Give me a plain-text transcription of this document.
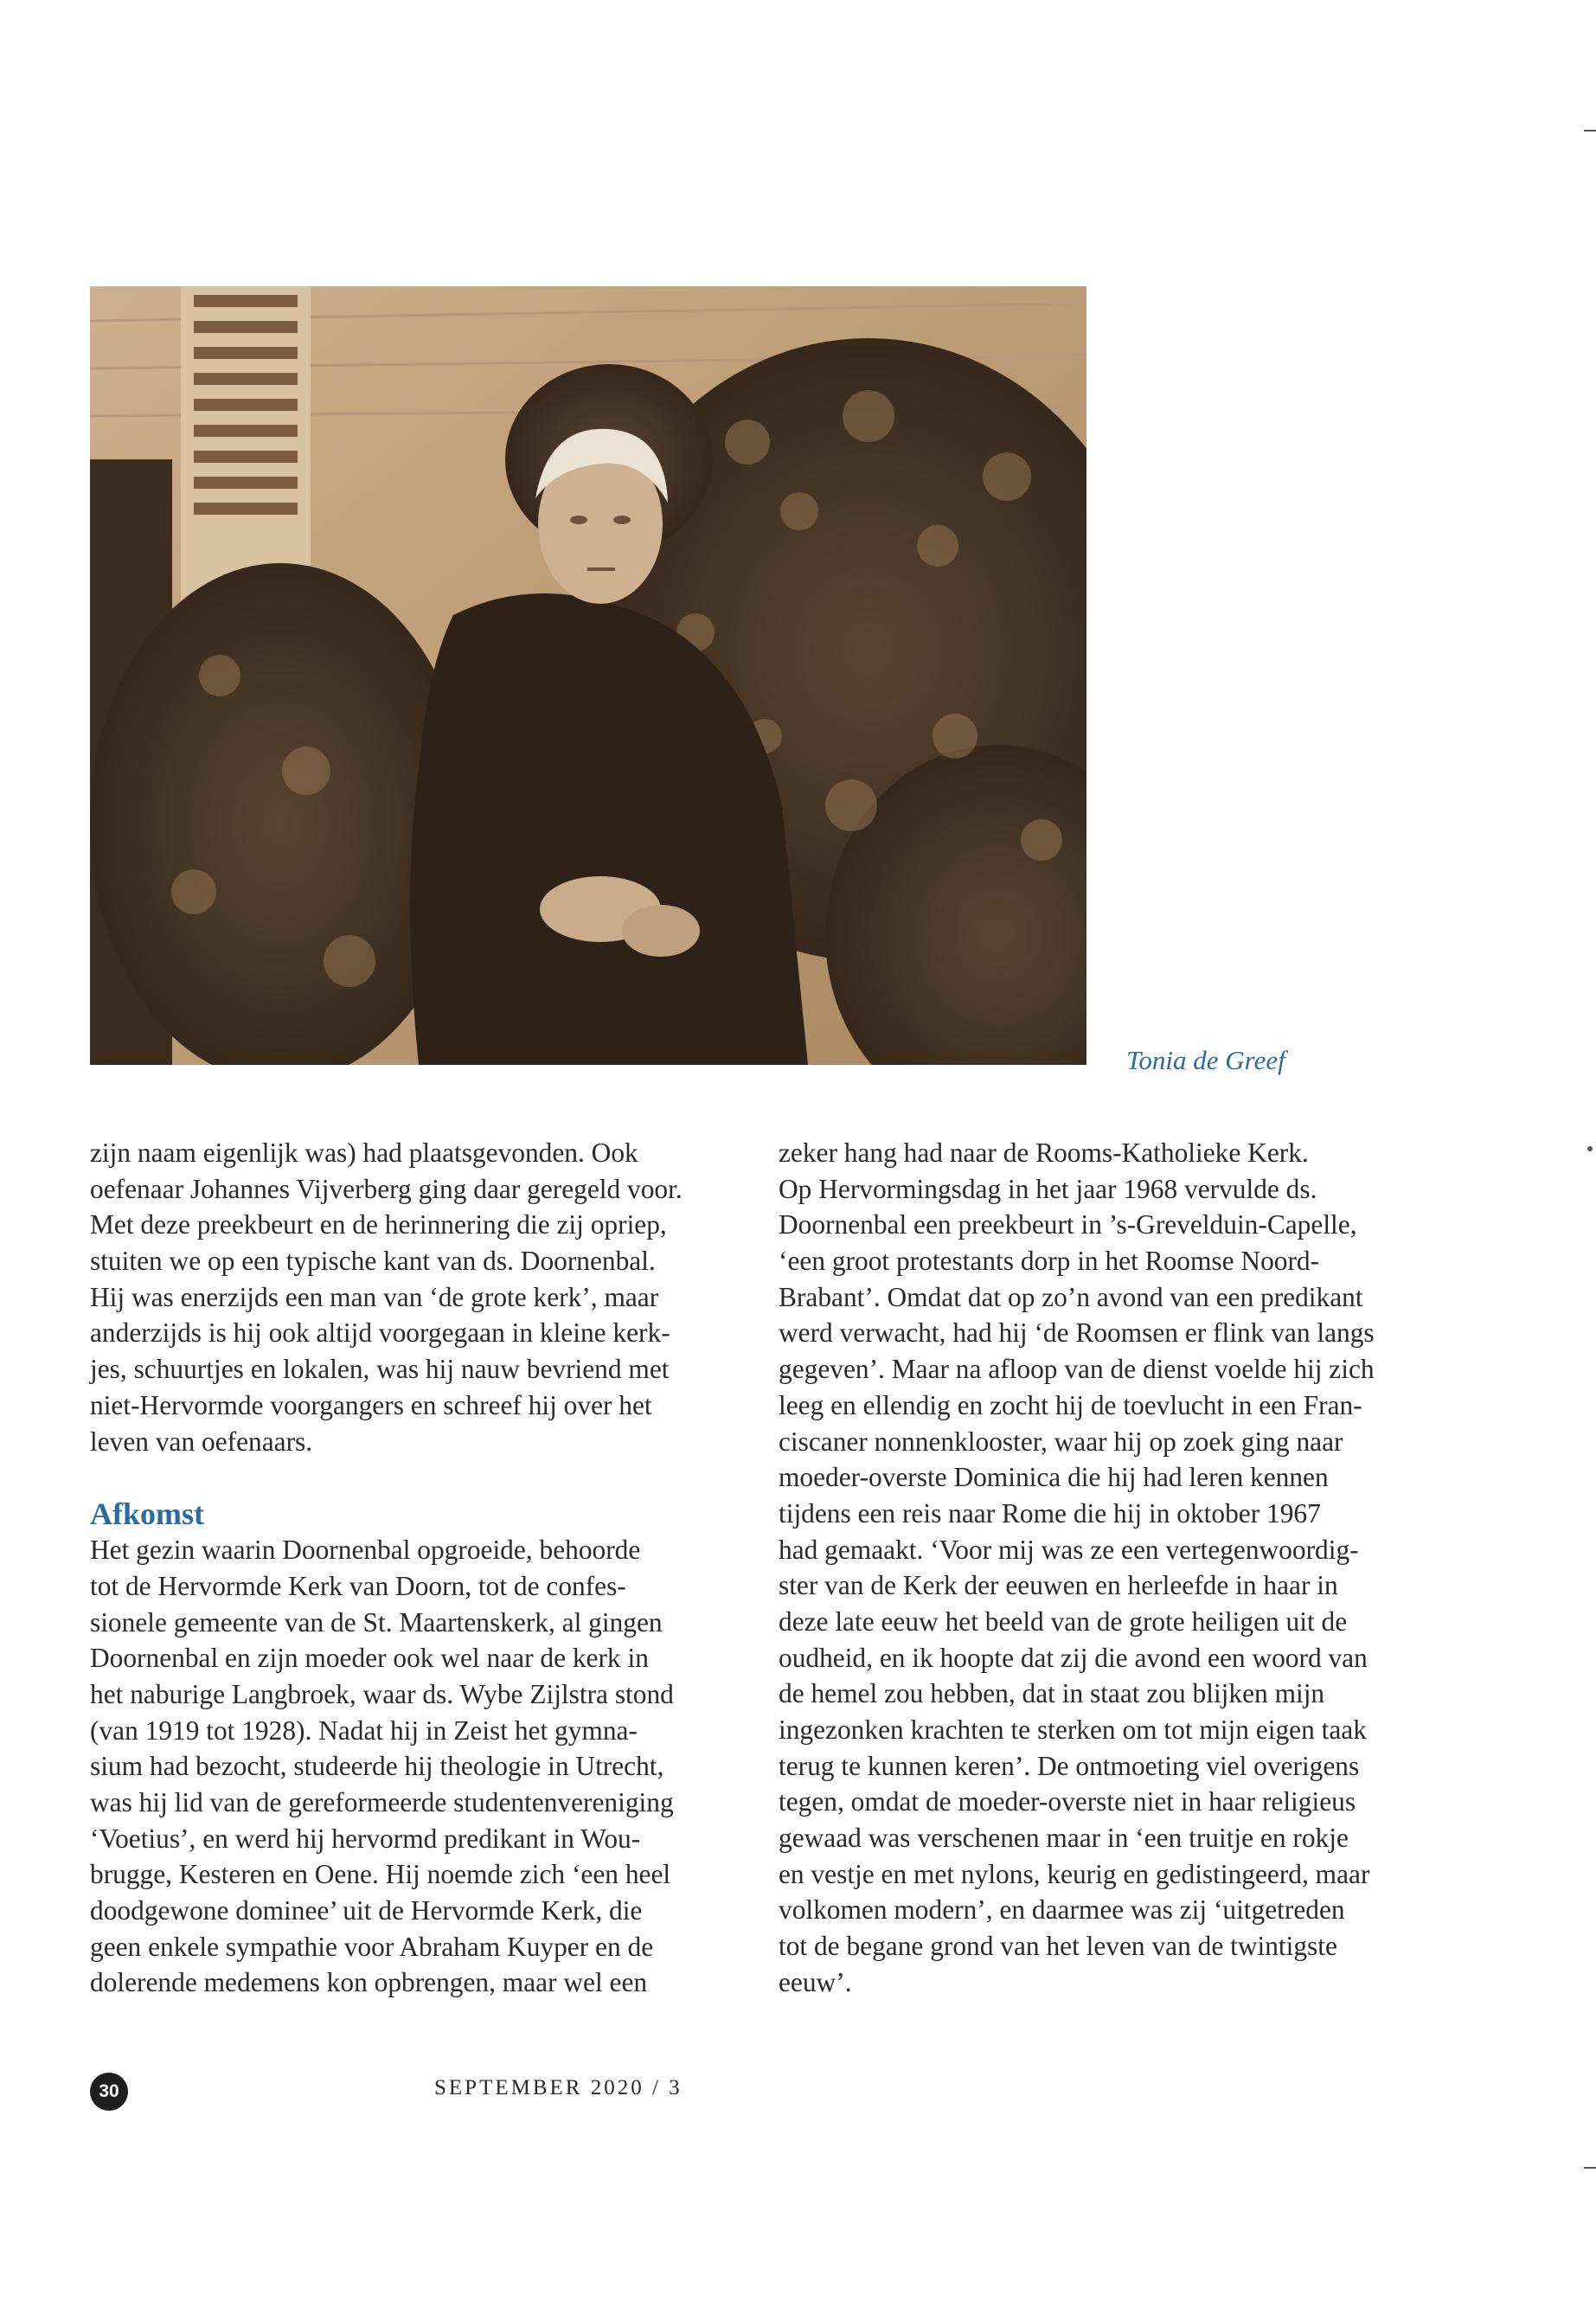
Tonia de Greef
zijn naam eigenlijk was) had plaatsgevonden. Ook
oefenaar Johannes Vijverberg ging daar geregeld voor.
Met deze preekbeurt en de herinnering die zij opriep,
stuiten we op een typische kant van ds. Doornenbal.
Hij was enerzijds een man van ‘de grote kerk’, maar
anderzijds is hij ook altijd voorgegaan in kleine kerk-
jes, schuurtjes en lokalen, was hij nauw bevriend met
niet-Hervormde voorgangers en schreef hij over het
leven van oefenaars.
Afkomst
Het gezin waarin Doornenbal opgroeide, behoorde
tot de Hervormde Kerk van Doorn, tot de confes-
sionele gemeente van de St. Maartenskerk, al gingen
Doornenbal en zijn moeder ook wel naar de kerk in
het naburige Langbroek, waar ds. Wybe Zijlstra stond
(van 1919 tot 1928). Nadat hij in Zeist het gymna-
sium had bezocht, studeerde hij theologie in Utrecht,
was hij lid van de gereformeerde studentenvereniging
‘Voetius’, en werd hij hervormd predikant in Wou-
brugge, Kesteren en Oene. Hij noemde zich ‘een heel
doodgewone dominee’ uit de Hervormde Kerk, die
geen enkele sympathie voor Abraham Kuyper en de
dolerende medemens kon opbrengen, maar wel een
zeker hang had naar de Rooms-Katholieke Kerk.
Op Hervormingsdag in het jaar 1968 vervulde ds.
Doornenbal een preekbeurt in ’s-Grevelduin-Capelle,
‘een groot protestants dorp in het Roomse Noord-
Brabant’. Omdat dat op zo’n avond van een predikant
werd verwacht, had hij ‘de Roomsen er flink van langs
gegeven’. Maar na afloop van de dienst voelde hij zich
leeg en ellendig en zocht hij de toevlucht in een Fran-
ciscaner nonnenklooster, waar hij op zoek ging naar
moeder-overste Dominica die hij had leren kennen
tijdens een reis naar Rome die hij in oktober 1967
had gemaakt. ‘Voor mij was ze een vertegenwoordig-
ster van de Kerk der eeuwen en herleefde in haar in
deze late eeuw het beeld van de grote heiligen uit de
oudheid, en ik hoopte dat zij die avond een woord van
de hemel zou hebben, dat in staat zou blijken mijn
ingezonken krachten te sterken om tot mijn eigen taak
terug te kunnen keren’. De ontmoeting viel overigens
tegen, omdat de moeder-overste niet in haar religieus
gewaad was verschenen maar in ‘een truitje en rokje
en vestje en met nylons, keurig en gedistingeerd, maar
volkomen modern’, en daarmee was zij ‘uitgetreden
tot de begane grond van het leven van de twintigste
eeuw’.
30	SEPTEMBER 2020 / 3
